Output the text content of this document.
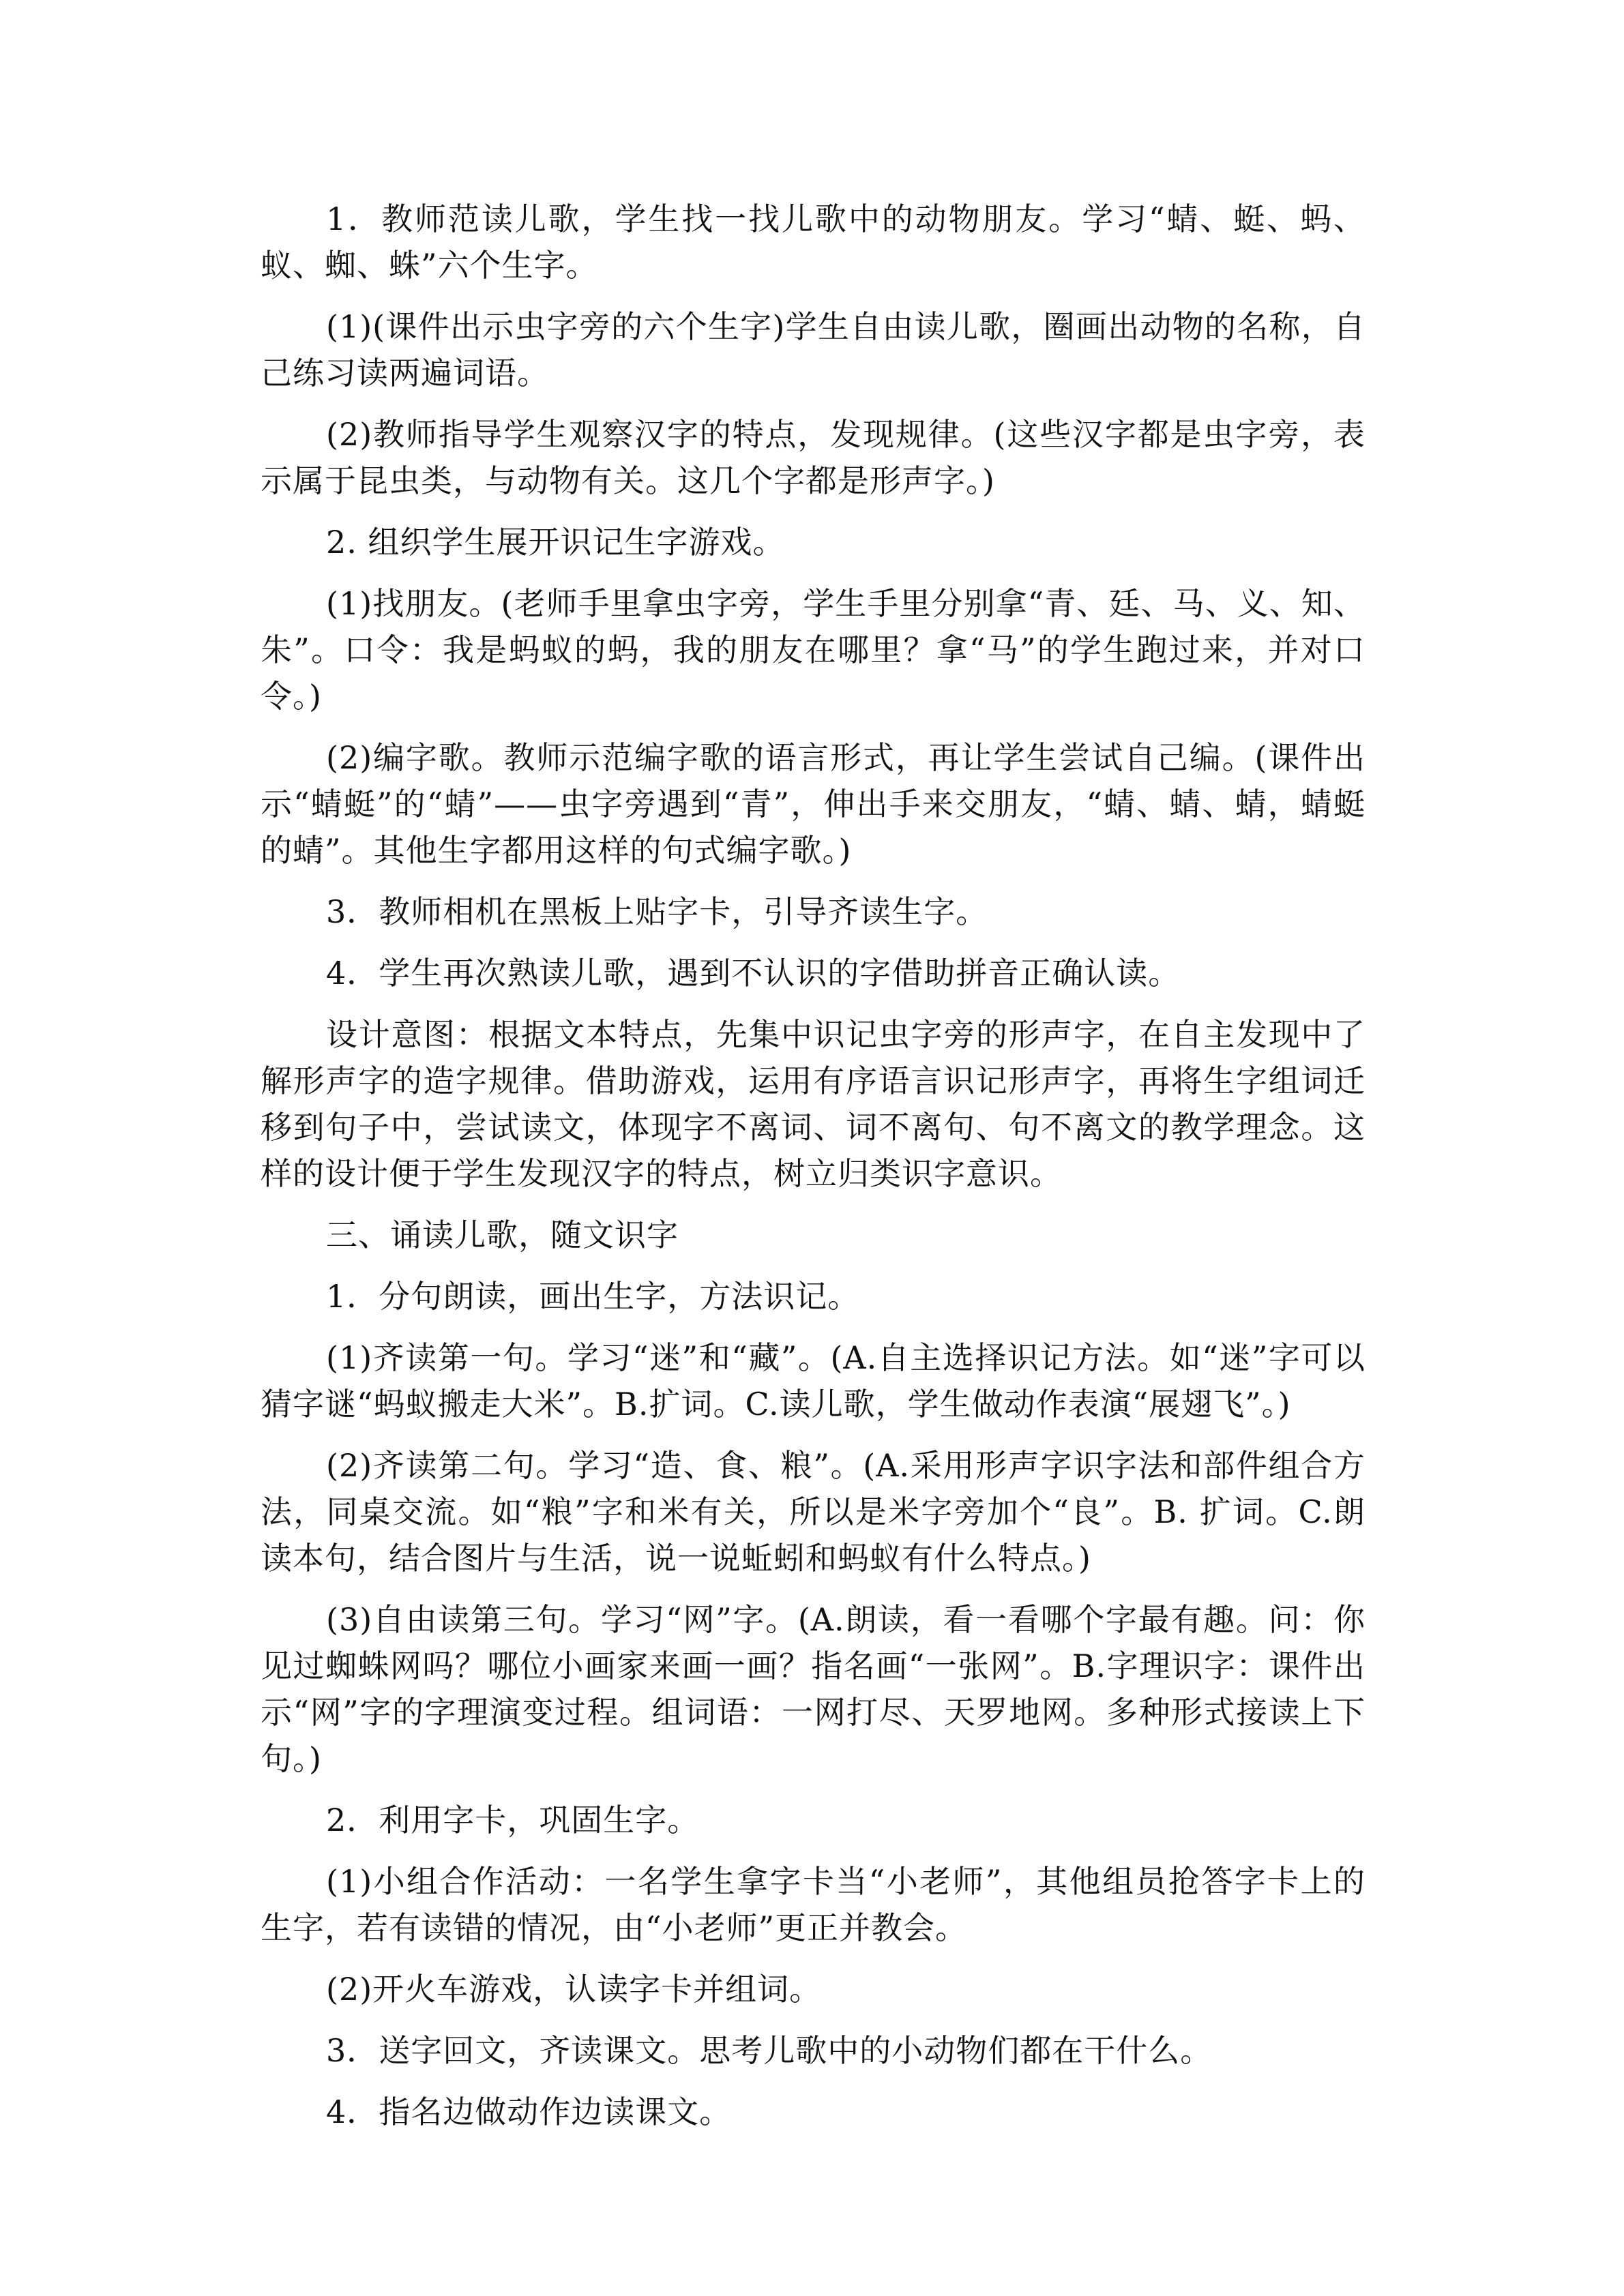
1．教师范读儿歌，学生找一找儿歌中的动物朋友。学习“蜻、蜓、蚂、蚁、蜘、蛛”六个生字。

(1)(课件出示虫字旁的六个生字)学生自由读儿歌，圈画出动物的名称，自己练习读两遍词语。

(2)教师指导学生观察汉字的特点，发现规律。(这些汉字都是虫字旁，表示属于昆虫类，与动物有关。这几个字都是形声字。)

2. 组织学生展开识记生字游戏。

(1)找朋友。(老师手里拿虫字旁，学生手里分别拿“青、廷、马、义、知、朱”。口令：我是蚂蚁的蚂，我的朋友在哪里？拿“马”的学生跑过来，并对口令。)

(2)编字歌。教师示范编字歌的语言形式，再让学生尝试自己编。(课件出示“蜻蜓”的“蜻”——虫字旁遇到“青”，伸出手来交朋友，“蜻、蜻、蜻，蜻蜓的蜻”。其他生字都用这样的句式编字歌。)

3．教师相机在黑板上贴字卡，引导齐读生字。

4．学生再次熟读儿歌，遇到不认识的字借助拼音正确认读。

设计意图：根据文本特点，先集中识记虫字旁的形声字，在自主发现中了解形声字的造字规律。借助游戏，运用有序语言识记形声字，再将生字组词迁移到句子中，尝试读文，体现字不离词、词不离句、句不离文的教学理念。这样的设计便于学生发现汉字的特点，树立归类识字意识。

三、诵读儿歌，随文识字

1．分句朗读，画出生字，方法识记。

(1)齐读第一句。学习“迷”和“藏”。(A.自主选择识记方法。如“迷”字可以猜字谜“蚂蚁搬走大米”。B.扩词。C.读儿歌，学生做动作表演“展翅飞”。)

(2)齐读第二句。学习“造、食、粮”。(A.采用形声字识字法和部件组合方法，同桌交流。如“粮”字和米有关，所以是米字旁加个“良”。B. 扩词。C.朗读本句，结合图片与生活，说一说蚯蚓和蚂蚁有什么特点。)

(3)自由读第三句。学习“网”字。(A.朗读，看一看哪个字最有趣。问：你见过蜘蛛网吗？哪位小画家来画一画？指名画“一张网”。B.字理识字：课件出示“网”字的字理演变过程。组词语：一网打尽、天罗地网。多种形式接读上下句。)

2．利用字卡，巩固生字。

(1)小组合作活动：一名学生拿字卡当“小老师”，其他组员抢答字卡上的生字，若有读错的情况，由“小老师”更正并教会。

(2)开火车游戏，认读字卡并组词。

3．送字回文，齐读课文。思考儿歌中的小动物们都在干什么。

4．指名边做动作边读课文。
